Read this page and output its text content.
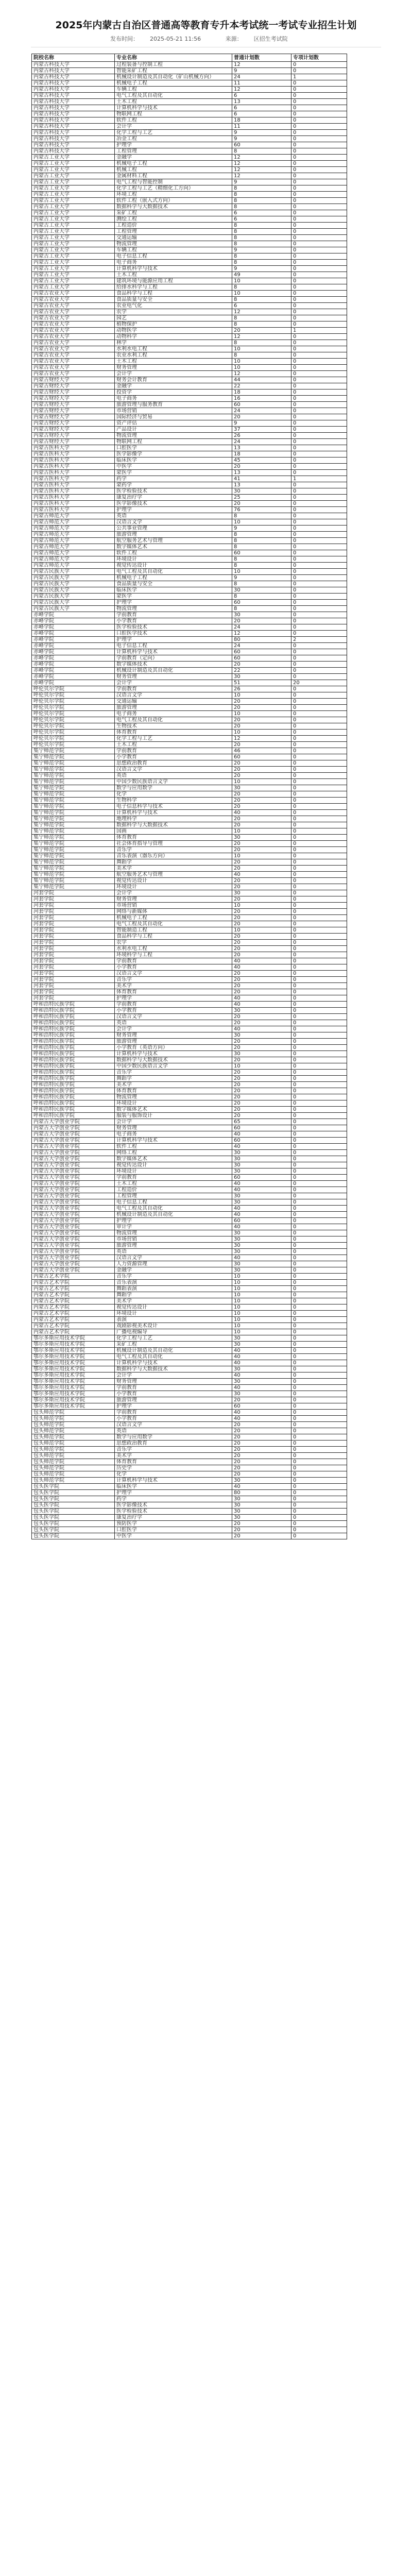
2025年内蒙古自治区普通高等教育专升本考试统一考试专业招生计划
发布时间： 2025-05-21 11:56	来源： 区招生考试院
院校名称	专业名称	普通计划数	专项计划数
内蒙古科技大学	过程装备与控制工程	12	0
内蒙古科技大学	智能采矿工程	9	0
内蒙古科技大学	机械设计制造及其自动化（矿山机械方向）	24	1
内蒙古科技大学	机械电子工程	11	0
内蒙古科技大学	车辆工程	12	0
内蒙古科技大学	电气工程及其自动化	6	0
内蒙古科技大学	土木工程	13	0
内蒙古科技大学	计算机科学与技术	6	0
内蒙古科技大学	物联网工程	6	0
内蒙古科技大学	软件工程	18	0
内蒙古科技大学	会计学	11	0
内蒙古科技大学	化学工程与工艺	9	0
内蒙古科技大学	冶金工程	9	0
内蒙古科技大学	护理学	60	0
内蒙古科技大学	工程管理	8	0
内蒙古工业大学	金融学	12	0
内蒙古工业大学	机械电子工程	12	0
内蒙古工业大学	机械工程	12	0
内蒙古工业大学	金属材料工程	12	0
内蒙古工业大学	电气工程与智能控制	9	0
内蒙古工业大学	化学工程与工艺（精细化工方向）	8	0
内蒙古工业大学	环境工程	8	0
内蒙古工业大学	软件工程（嵌入式方向）	8	0
内蒙古工业大学	数据科学与大数据技术	8	0
内蒙古工业大学	采矿工程	6	0
内蒙古工业大学	测绘工程	6	0
内蒙古工业大学	工程造价	8	0
内蒙古工业大学	工程管理	8	0
内蒙古工业大学	交通运输	8	0
内蒙古工业大学	物流管理	8	0
内蒙古工业大学	车辆工程	9	0
内蒙古工业大学	电子信息工程	8	0
内蒙古工业大学	电子商务	8	0
内蒙古工业大学	计算机科学与技术	9	0
内蒙古工业大学	土木工程	49	0
内蒙古工业大学	建筑环境与能源应用工程	10	0
内蒙古工业大学	给排水科学与工程	8	0
内蒙古农业大学	食品科学与工程	10	0
内蒙古农业大学	食品质量与安全	8	0
内蒙古农业大学	农业电气化	6	0
内蒙古农业大学	农学	12	0
内蒙古农业大学	园艺	8	0
内蒙古农业大学	植物保护	8	0
内蒙古农业大学	动物医学	20	1
内蒙古农业大学	动物科学	12	0
内蒙古农业大学	林学	8	0
内蒙古农业大学	水利水电工程	10	0
内蒙古农业大学	农业水利工程	8	0
内蒙古农业大学	土木工程	10	0
内蒙古农业大学	财务管理	10	0
内蒙古农业大学	会计学	12	0
内蒙古财经大学	财务会计教育	44	0
内蒙古财经大学	金融学	22	0
内蒙古财经大学	投资学	18	0
内蒙古财经大学	电子商务	16	0
内蒙古财经大学	旅游管理与服务教育	60	0
内蒙古财经大学	市场营销	24	0
内蒙古财经大学	国际经济与贸易	20	0
内蒙古财经大学	资产评估	9	0
内蒙古财经大学	产品设计	37	0
内蒙古财经大学	物流管理	26	0
内蒙古财经大学	物联网工程	24	0
内蒙古医科大学	口腔医学	13	0
内蒙古医科大学	医学影像学	18	0
内蒙古医科大学	临床医学	45	0
内蒙古医科大学	中医学	20	0
内蒙古医科大学	蒙医学	13	0
内蒙古医科大学	药学	41	1
内蒙古医科大学	蒙药学	13	0
内蒙古医科大学	医学检验技术	30	0
内蒙古医科大学	康复治疗学	25	0
内蒙古医科大学	医学影像技术	20	0
内蒙古医科大学	护理学	76	0
内蒙古师范大学	英语	8	0
内蒙古师范大学	汉语言文学	10	0
内蒙古师范大学	公共事业管理	9	0
内蒙古师范大学	旅游管理	8	0
内蒙古师范大学	航空服务艺术与管理	8	0
内蒙古师范大学	数字媒体艺术	8	0
内蒙古师范大学	软件工程	60	0
内蒙古师范大学	环境设计	8	0
内蒙古师范大学	视觉传达设计	8	0
内蒙古民族大学	电气工程及其自动化	10	0
内蒙古民族大学	机械电子工程	9	0
内蒙古民族大学	食品质量与安全	8	0
内蒙古民族大学	临床医学	30	0
内蒙古民族大学	蒙医学	8	0
内蒙古民族大学	护理学	60	0
内蒙古民族大学	物流管理	8	0
赤峰学院	学前教育	30	0
赤峰学院	小学教育	20	0
赤峰学院	医学检验技术	24	0
赤峰学院	口腔医学技术	12	0
赤峰学院	护理学	80	2
赤峰学院	电子信息工程	24	0
赤峰学院	计算机科学与技术	60	0
赤峰学院	学前教育（定向）	60	0
赤峰学院	数字媒体技术	20	0
赤峰学院	机械设计制造及其自动化	22	0
赤峰学院	财务管理	30	0
赤峰学院	会计学	51	20
呼伦贝尔学院	学前教育	26	0
呼伦贝尔学院	汉语言文学	10	0
呼伦贝尔学院	交通运输	20	0
呼伦贝尔学院	旅游管理	20	0
呼伦贝尔学院	电子商务	10	0
呼伦贝尔学院	电气工程及其自动化	20	0
呼伦贝尔学院	生物技术	20	0
呼伦贝尔学院	体育教育	10	0
呼伦贝尔学院	化学工程与工艺	12	0
呼伦贝尔学院	土木工程	20	0
集宁师范学院	学前教育	46	0
集宁师范学院	小学教育	60	0
集宁师范学院	思想政治教育	20	0
集宁师范学院	汉语言文学	20	0
集宁师范学院	英语	20	0
集宁师范学院	中国少数民族语言文学	10	0
集宁师范学院	数学与应用数学	30	0
集宁师范学院	化学	20	0
集宁师范学院	生物科学	20	0
集宁师范学院	电子信息科学与技术	20	0
集宁师范学院	计算机科学与技术	40	0
集宁师范学院	地理科学	20	0
集宁师范学院	数据科学与大数据技术	20	0
集宁师范学院	国画	10	0
集宁师范学院	体育教育	30	0
集宁师范学院	社会体育指导与管理	20	0
集宁师范学院	音乐学	20	0
集宁师范学院	音乐表演（器乐方向）	10	0
集宁师范学院	舞蹈学	20	0
集宁师范学院	美术学	20	0
集宁师范学院	航空服务艺术与管理	40	0
集宁师范学院	视觉传达设计	20	0
集宁师范学院	环境设计	20	0
河套学院	会计学	30	0
河套学院	财务管理	20	0
河套学院	市场营销	10	0
河套学院	网络与新媒体	20	0
河套学院	机械电子工程	20	0
河套学院	电气工程及其自动化	20	0
河套学院	智能制造工程	10	0
河套学院	食品科学与工程	20	0
河套学院	农学	20	0
河套学院	水利水电工程	20	0
河套学院	环境科学与工程	20	0
河套学院	学前教育	40	0
河套学院	小学教育	40	0
河套学院	汉语言文学	20	0
河套学院	音乐学	20	0
河套学院	美术学	20	0
河套学院	体育教育	20	0
河套学院	护理学	40	0
呼和浩特民族学院	学前教育	40	0
呼和浩特民族学院	小学教育	30	0
呼和浩特民族学院	汉语言文学	20	0
呼和浩特民族学院	英语	20	0
呼和浩特民族学院	会计学	40	0
呼和浩特民族学院	财务管理	30	0
呼和浩特民族学院	旅游管理	20	0
呼和浩特民族学院	小学教育（英语方向）	20	0
呼和浩特民族学院	计算机科学与技术	30	0
呼和浩特民族学院	数据科学与大数据技术	20	0
呼和浩特民族学院	中国少数民族语言文学	10	0
呼和浩特民族学院	音乐学	20	0
呼和浩特民族学院	舞蹈学	20	0
呼和浩特民族学院	美术学	20	0
呼和浩特民族学院	体育教育	20	0
呼和浩特民族学院	物流管理	20	0
呼和浩特民族学院	环境设计	20	0
呼和浩特民族学院	数字媒体艺术	20	0
呼和浩特民族学院	服装与服饰设计	20	0
内蒙古大学创业学院	会计学	65	0
内蒙古大学创业学院	财务管理	60	0
内蒙古大学创业学院	电子商务	40	0
内蒙古大学创业学院	计算机科学与技术	60	0
内蒙古大学创业学院	软件工程	40	0
内蒙古大学创业学院	网络工程	30	0
内蒙古大学创业学院	数字媒体艺术	30	0
内蒙古大学创业学院	视觉传达设计	30	0
内蒙古大学创业学院	环境设计	30	0
内蒙古大学创业学院	学前教育	60	0
内蒙古大学创业学院	土木工程	40	0
内蒙古大学创业学院	工程造价	40	0
内蒙古大学创业学院	工程管理	30	0
内蒙古大学创业学院	电子信息工程	30	0
内蒙古大学创业学院	电气工程及其自动化	40	0
内蒙古大学创业学院	机械设计制造及其自动化	40	0
内蒙古大学创业学院	护理学	60	0
内蒙古大学创业学院	审计学	40	0
内蒙古大学创业学院	物流管理	30	0
内蒙古大学创业学院	市场营销	30	0
内蒙古大学创业学院	旅游管理	30	0
内蒙古大学创业学院	英语	30	0
内蒙古大学创业学院	汉语言文学	40	0
内蒙古大学创业学院	人力资源管理	30	0
内蒙古大学创业学院	金融学	30	0
内蒙古艺术学院	音乐学	10	0
内蒙古艺术学院	音乐表演	10	0
内蒙古艺术学院	舞蹈表演	10	0
内蒙古艺术学院	舞蹈学	10	0
内蒙古艺术学院	美术学	10	0
内蒙古艺术学院	视觉传达设计	10	0
内蒙古艺术学院	环境设计	10	0
内蒙古艺术学院	表演	10	0
内蒙古艺术学院	戏剧影视美术设计	10	0
内蒙古艺术学院	广播电视编导	10	0
鄂尔多斯应用技术学院	化学工程与工艺	30	0
鄂尔多斯应用技术学院	采矿工程	30	0
鄂尔多斯应用技术学院	机械设计制造及其自动化	40	0
鄂尔多斯应用技术学院	电气工程及其自动化	40	0
鄂尔多斯应用技术学院	计算机科学与技术	40	0
鄂尔多斯应用技术学院	数据科学与大数据技术	30	0
鄂尔多斯应用技术学院	会计学	40	0
鄂尔多斯应用技术学院	财务管理	30	0
鄂尔多斯应用技术学院	学前教育	40	0
鄂尔多斯应用技术学院	小学教育	30	0
鄂尔多斯应用技术学院	旅游管理	20	0
鄂尔多斯应用技术学院	护理学	60	0
包头师范学院	学前教育	40	0
包头师范学院	小学教育	40	0
包头师范学院	汉语言文学	20	0
包头师范学院	英语	20	0
包头师范学院	数学与应用数学	20	0
包头师范学院	思想政治教育	20	0
包头师范学院	音乐学	20	0
包头师范学院	美术学	20	0
包头师范学院	体育教育	20	0
包头师范学院	历史学	20	0
包头师范学院	化学	20	0
包头师范学院	计算机科学与技术	30	0
包头医学院	临床医学	40	0
包头医学院	护理学	80	0
包头医学院	药学	30	0
包头医学院	医学影像技术	30	0
包头医学院	医学检验技术	30	0
包头医学院	康复治疗学	30	0
包头医学院	预防医学	20	0
包头医学院	口腔医学	20	0
包头医学院	中医学	20	0
